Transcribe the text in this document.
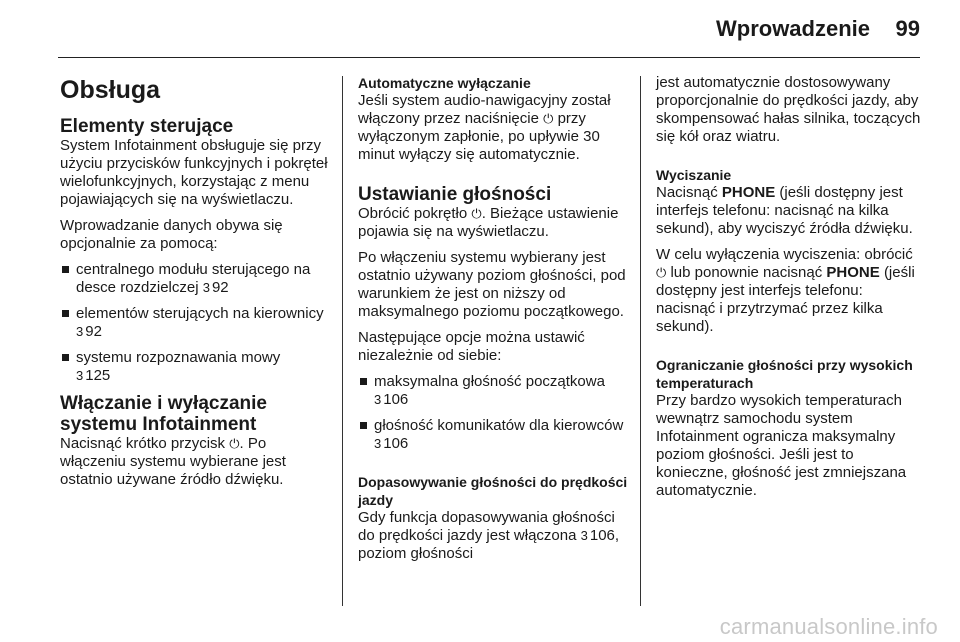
Wprowadzenie 99
Obsługa
Elementy sterujące

System Infotainment obsługuje się przy użyciu przycisków funkcyjnych i pokręteł wielofunkcyjnych, korzystając z menu pojawiających się na wyświetlaczu.

Wprowadzanie danych obywa się opcjonalnie za pomocą:

centralnego modułu sterującego na desce rozdzielczej 3 92
elementów sterujących na kierownicy 3 92
systemu rozpoznawania mowy
3 125
Włączanie i wyłączanie systemu Infotainment

Nacisnąć krótko przycisk ⏻. Po włączeniu systemu wybierane jest ostatnio używane źródło dźwięku.

Automatyczne wyłączanie

Jeśli system audio-nawigacyjny został włączony przez naciśnięcie ⏻ przy wyłączonym zapłonie, po upływie 30 minut wyłączy się automatycznie.

Ustawianie głośności

Obrócić pokrętło ⏻. Bieżące ustawienie pojawia się na wyświetlaczu.

Po włączeniu systemu wybierany jest ostatnio używany poziom głośności, pod warunkiem że jest on niższy od maksymalnego poziomu początkowego.

Następujące opcje można ustawić niezależnie od siebie:

maksymalna głośność początkowa
3 106
głośność komunikatów dla kierowców 3 106
Dopasowywanie głośności do prędkości jazdy

Gdy funkcja dopasowywania głośności do prędkości jazdy jest włączona 3 106, poziom głośności

jest automatycznie dostosowywany proporcjonalnie do prędkości jazdy, aby skompensować hałas silnika, toczących się kół oraz wiatru.

Wyciszanie

Nacisnąć PHONE (jeśli dostępny jest interfejs telefonu: nacisnąć na kilka sekund), aby wyciszyć źródła dźwięku.

W celu wyłączenia wyciszenia: obrócić ⏻ lub ponownie nacisnąć PHONE (jeśli dostępny jest interfejs telefonu: nacisnąć i przytrzymać przez kilka sekund).

Ograniczanie głośności przy wysokich temperaturach

Przy bardzo wysokich temperaturach wewnątrz samochodu system Infotainment ogranicza maksymalny poziom głośności. Jeśli jest to konieczne, głośność jest zmniejszana automatycznie.

carmanualsonline.info
